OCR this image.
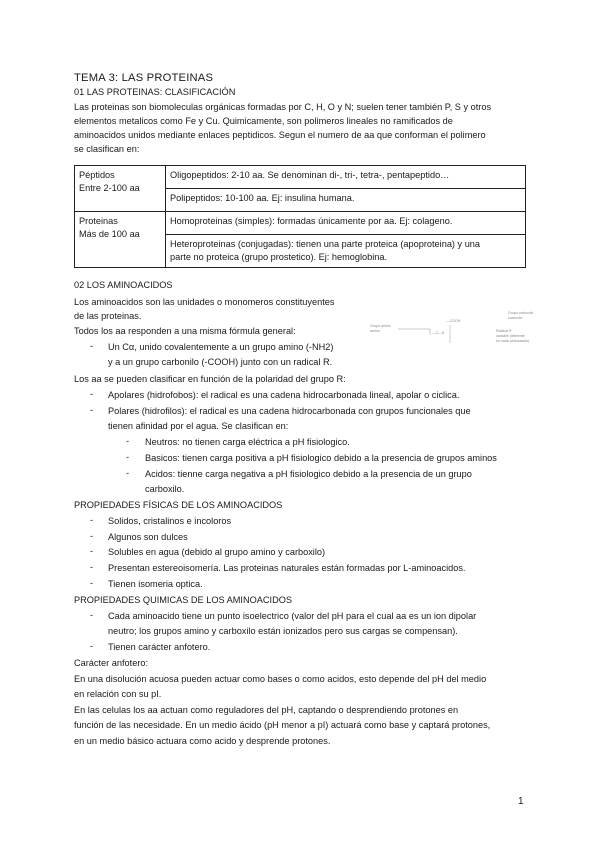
TEMA 3: LAS PROTEINAS

01 LAS PROTEINAS: CLASIFICACIÓN

Las proteinas son biomoleculas orgánicas formadas por C, H, O y N; suelen tener también P, S y otros

elementos metalicos como Fe y Cu. Quimicamente, son polimeros lineales no ramificados de

aminoacidos unidos mediante enlaces peptidicos. Segun el numero de aa que conforman el polimero

se clasifican en:

Péptidos
Entre 2-100 aa	Oligopeptidos: 2-10 aa. Se denominan di-, tri-, tetra-, pentapeptido…
	Polipeptidos: 10-100 aa. Ej: insulina humana.
Proteinas
Más de 100 aa	Homoproteinas (simples): formadas únicamente por aa. Ej: colageno.
	Heteroproteinas (conjugadas): tienen una parte proteica (apoproteina) y una
parte no proteica (grupo prostetico). Ej: hemoglobina.

02 LOS AMINOACIDOS

Los aminoacidos son las unidades o monomeros constituyentes

de las proteinas.

Todos los aa responden a una misma fórmula general:

- Un Cα, unido covalentemente a un grupo amino (-NH2)

y a un grupo carbonilo (-COOH) junto con un radical R.

Grupo amino
amino
—COOH
—C—H
Grupo carboxilo
carboxilo
Radical R
variable (diferente
en cada aminoacido)

Los aa se pueden clasificar en función de la polaridad del grupo R:

- Apolares (hidrofobos): el radical es una cadena hidrocarbonada lineal, apolar o ciclica.

- Polares (hidrofilos): el radical es una cadena hidrocarbonada con grupos funcionales que

tienen afinidad por el agua. Se clasifican en:

- Neutros: no tienen carga eléctrica a pH fisiologico.

- Basicos: tienen carga positiva a pH fisiologico debido a la presencia de grupos aminos

- Acidos: tienne carga negativa a pH fisiologico debido a la presencia de un grupo

carboxilo.

PROPIEDADES FÍSICAS DE LOS AMINOACIDOS

- Solidos, cristalinos e incoloros

- Algunos son dulces

- Solubles en agua (debido al grupo amino y carboxilo)

- Presentan estereoisomería. Las proteinas naturales están formadas por L-aminoacidos.

- Tienen isomeria optica.

PROPIEDADES QUIMICAS DE LOS AMINOACIDOS

- Cada aminoacido tiene un punto isoelectrico (valor del pH para el cual aa es un ion dipolar

neutro; los grupos amino y carboxilo están ionizados pero sus cargas se compensan).

- Tienen carácter anfotero.

Carácter anfotero:

En una disolución acuosa pueden actuar como bases o como acidos, esto depende del pH del medio

en relación con su pI.

En las celulas los aa actuan como reguladores del pH, captando o desprendiendo protones en

función de las necesidade. En un medio ácido (pH menor a pI) actuará como base y captará protones,

en un medio básico actuara como acido y desprende protones.

1
